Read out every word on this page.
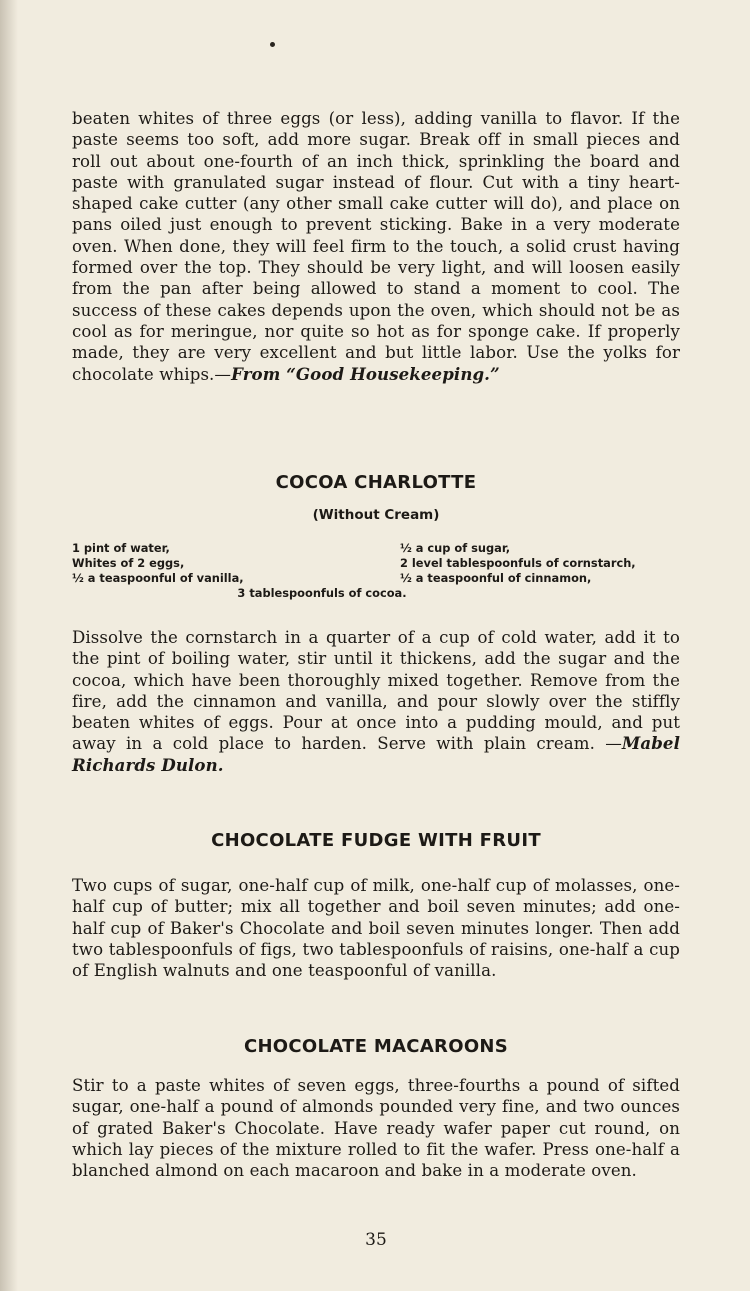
beaten whites of three eggs (or less), adding vanilla to flavor. If the paste seems too soft, add more sugar. Break off in small pieces and roll out about one-fourth of an inch thick, sprinkling the board and paste with granulated sugar instead of flour. Cut with a tiny heart-shaped cake cutter (any other small cake cutter will do), and place on pans oiled just enough to prevent sticking. Bake in a very moderate oven. When done, they will feel firm to the touch, a solid crust having formed over the top. They should be very light, and will loosen easily from the pan after being allowed to stand a moment to cool. The success of these cakes depends upon the oven, which should not be as cool as for meringue, nor quite so hot as for sponge cake. If properly made, they are very excellent and but little labor. Use the yolks for chocolate whips.—From “Good Housekeeping.”

COCOA CHARLOTTE
(Without Cream)
1 pint of water,	½ a cup of sugar,
Whites of 2 eggs,	2 level tablespoonfuls of cornstarch,
½ a teaspoonful of vanilla,	½ a teaspoonful of cinnamon,
3 tablespoonfuls of cocoa.

Dissolve the cornstarch in a quarter of a cup of cold water, add it to the pint of boiling water, stir until it thickens, add the sugar and the cocoa, which have been thoroughly mixed together. Remove from the fire, add the cinnamon and vanilla, and pour slowly over the stiffly beaten whites of eggs. Pour at once into a pudding mould, and put away in a cold place to harden. Serve with plain cream. —Mabel Richards Dulon.

CHOCOLATE FUDGE WITH FRUIT

Two cups of sugar, one-half cup of milk, one-half cup of molasses, one-half cup of butter; mix all together and boil seven minutes; add one-half cup of Baker's Chocolate and boil seven minutes longer. Then add two tablespoonfuls of figs, two tablespoonfuls of raisins, one-half a cup of English walnuts and one teaspoonful of vanilla.

CHOCOLATE MACAROONS

Stir to a paste whites of seven eggs, three-fourths a pound of sifted sugar, one-half a pound of almonds pounded very fine, and two ounces of grated Baker's Chocolate. Have ready wafer paper cut round, on which lay pieces of the mixture rolled to fit the wafer. Press one-half a blanched almond on each macaroon and bake in a moderate oven.

35
